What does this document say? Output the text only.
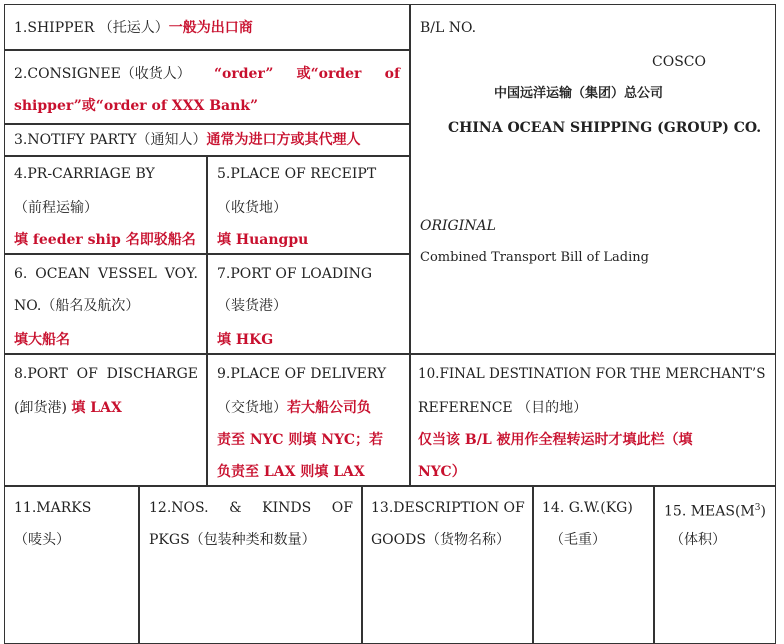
1.SHIPPER （托运人）一般为出口商
2.CONSIGNEE（收货人） “order” 或“order of
shipper”或“order of XXX Bank”
3.NOTIFY PARTY（通知人）通常为进口方或其代理人
B/L NO.
COSCO
中国远洋运输（集团）总公司
CHINA OCEAN SHIPPING (GROUP) CO.
ORIGINAL
Combined Transport Bill of Lading
4.PR-CARRIAGE BY
（前程运输）
填 feeder ship 名即驳船名
5.PLACE OF RECEIPT
（收货地）
填 Huangpu
6. OCEAN VESSEL VOY.
NO.（船名及航次）
填大船名
7.PORT OF LOADING
（装货港）
填 HKG
8.PORT OF DISCHARGE
(卸货港) 填 LAX
9.PLACE OF DELIVERY
（交货地）若大船公司负
责至 NYC 则填 NYC；若
负责至 LAX 则填 LAX
10.FINAL DESTINATION FOR THE MERCHANT’S
REFERENCE （目的地）
仅当该 B/L 被用作全程转运时才填此栏（填
NYC）
11.MARKS
（唛头）
12.NOS. & KINDS OF
PKGS（包装种类和数量）
13.DESCRIPTION OF
GOODS（货物名称）
14. G.W.(KG)
（毛重）
15. $MEAS(M^3)$
（体积）
